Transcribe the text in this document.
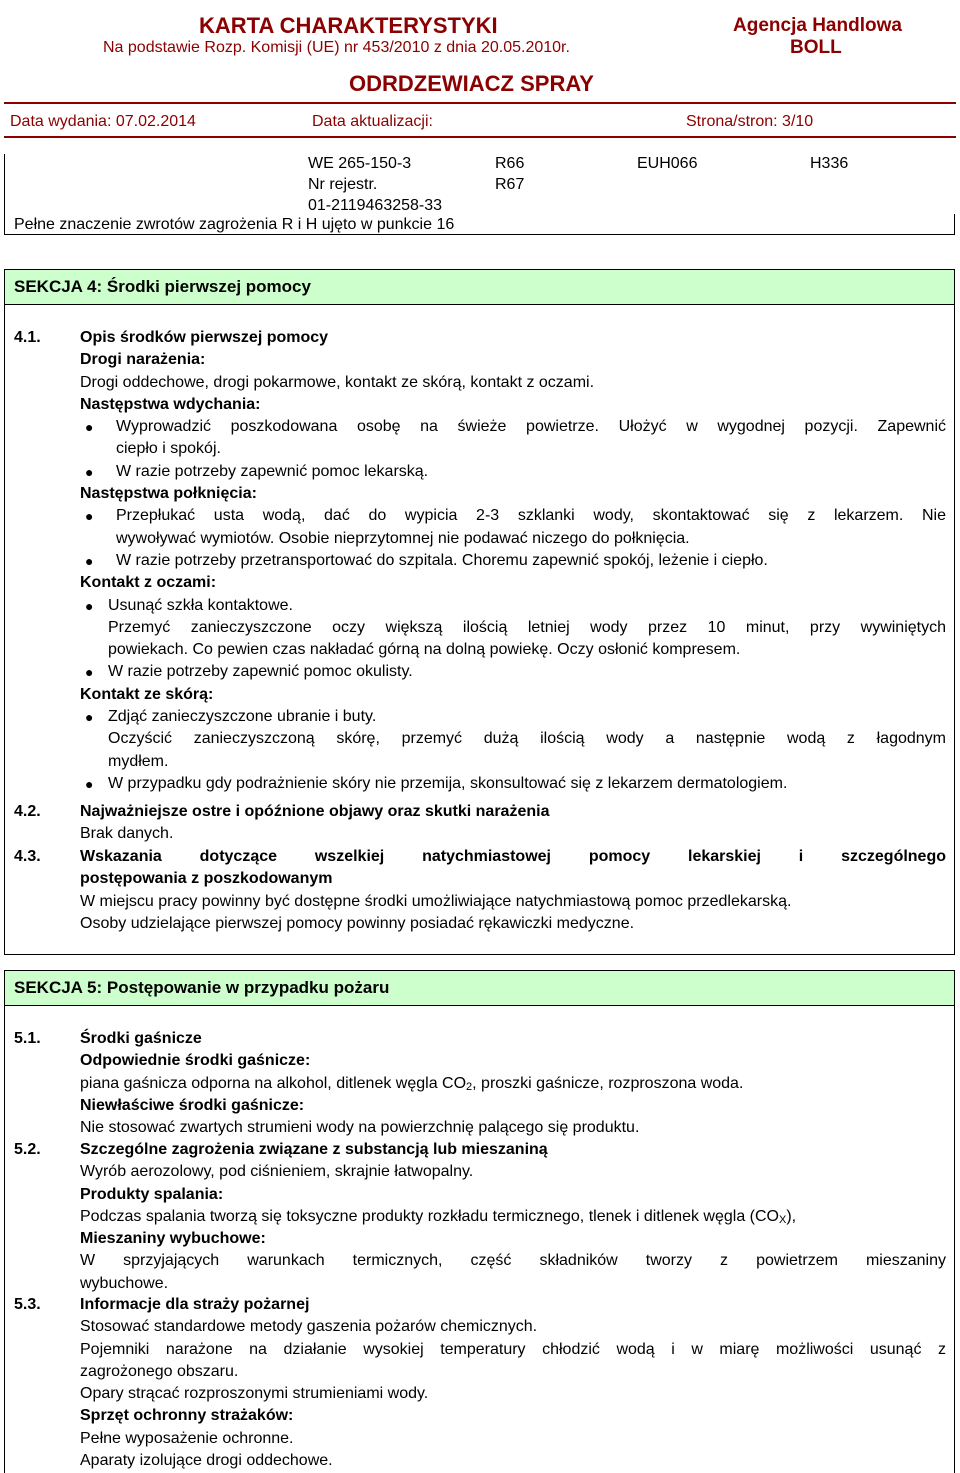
KARTA CHARAKTERYSTYKI
Na podstawie Rozp. Komisji (UE) nr 453/2010 z dnia 20.05.2010r.
Agencja Handlowa
BOLL
ODRDZEWIACZ SPRAY
Data wydania: 07.02.2014	Data aktualizacji:	Strona/stron: 3/10
WE 265-150-3	R66	EUH066	H336
Nr rejestr.	R67
01-2119463258-33
Pełne znaczenie zwrotów zagrożenia R i H ujęto w punkcie 16
SEKCJA 4: Środki pierwszej pomocy
4.1. Opis środków pierwszej pomocy
Drogi narażenia:
Drogi oddechowe, drogi pokarmowe, kontakt ze skórą, kontakt z oczami.
Następstwa wdychania:
● Wyprowadzić poszkodowana osobę na świeże powietrze. Ułożyć w wygodnej pozycji. Zapewnić
ciepło i spokój.
● W razie potrzeby zapewnić pomoc lekarską.
Następstwa połknięcia:
● Przepłukać usta wodą, dać do wypicia 2-3 szklanki wody, skontaktować się z lekarzem. Nie
wywoływać wymiotów. Osobie nieprzytomnej nie podawać niczego do połknięcia.
● W razie potrzeby przetransportować do szpitala. Choremu zapewnić spokój, leżenie i ciepło.
Kontakt z oczami:
● Usunąć szkła kontaktowe.
Przemyć zanieczyszczone oczy większą ilością letniej wody przez 10 minut, przy wywiniętych
powiekach. Co pewien czas nakładać górną na dolną powiekę. Oczy osłonić kompresem.
● W razie potrzeby zapewnić pomoc okulisty.
Kontakt ze skórą:
● Zdjąć zanieczyszczone ubranie i buty.
Oczyścić zanieczyszczoną skórę, przemyć dużą ilością wody a następnie wodą z łagodnym
mydłem.
● W przypadku gdy podrażnienie skóry nie przemija, skonsultować się z lekarzem dermatologiem.
4.2. Najważniejsze ostre i opóźnione objawy oraz skutki narażenia
Brak danych.
4.3. Wskazania dotyczące wszelkiej natychmiastowej pomocy lekarskiej i szczególnego
postępowania z poszkodowanym
W miejscu pracy powinny być dostępne środki umożliwiające natychmiastową pomoc przedlekarską.
Osoby udzielające pierwszej pomocy powinny posiadać rękawiczki medyczne.
SEKCJA 5: Postępowanie w przypadku pożaru
5.1. Środki gaśnicze
Odpowiednie środki gaśnicze:
piana gaśnicza odporna na alkohol, ditlenek węgla $CO_2$, proszki gaśnicze, rozproszona woda.
Niewłaściwe środki gaśnicze:
Nie stosować zwartych strumieni wody na powierzchnię palącego się produktu.
5.2. Szczególne zagrożenia związane z substancją lub mieszaniną
Wyrób aerozolowy, pod ciśnieniem, skrajnie łatwopalny.
Produkty spalania:
Podczas spalania tworzą się toksyczne produkty rozkładu termicznego, tlenek i ditlenek węgla $(CO_X)$,
Mieszaniny wybuchowe:
W sprzyjających warunkach termicznych, część składników tworzy z powietrzem mieszaniny
wybuchowe.
5.3. Informacje dla straży pożarnej
Stosować standardowe metody gaszenia pożarów chemicznych.
Pojemniki narażone na działanie wysokiej temperatury chłodzić wodą i w miarę możliwości usunąć z
zagrożonego obszaru.
Opary strącać rozproszonymi strumieniami wody.
Sprzęt ochronny strażaków:
Pełne wyposażenie ochronne.
Aparaty izolujące drogi oddechowe.
